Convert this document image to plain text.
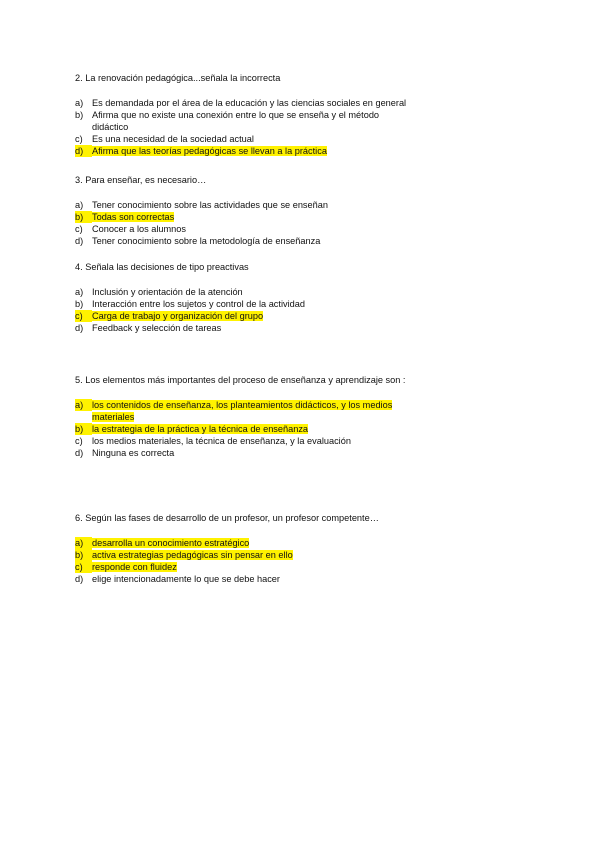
2. La renovación pedagógica...señala la incorrecta

a) Es demandada por el área de la educación y las ciencias sociales en general
b) Afirma que no existe una conexión entre lo que se enseña y el método didáctico
c)	Es una necesidad de la sociedad actual
d) Afirma que las teorías pedagógicas se llevan a la práctica

3. Para enseñar, es necesario…

a) Tener conocimiento sobre las actividades que se enseñan
b) Todas son correctas
c)	Conocer a los alumnos
d) Tener conocimiento sobre la metodología de enseñanza

4. Señala las decisiones de tipo preactivas

a) Inclusión y orientación de la atención
b) Interacción entre los sujetos y control de la actividad
c)	Carga de trabajo y organización del grupo
d) Feedback y selección de tareas

5. Los elementos más importantes del proceso de enseñanza y aprendizaje son :

a) los contenidos de enseñanza, los planteamientos didácticos, y los medios materiales
b) la estrategia de la práctica y la técnica de enseñanza
c)	los medios materiales, la técnica de enseñanza, y la evaluación
d) Ninguna es correcta

6. Según las fases de desarrollo de un profesor, un profesor competente…

a) desarrolla un conocimiento estratégico
b) activa estrategias pedagógicas sin pensar en ello
c)	responde con fluidez
d) elige intencionadamente lo que se debe hacer
